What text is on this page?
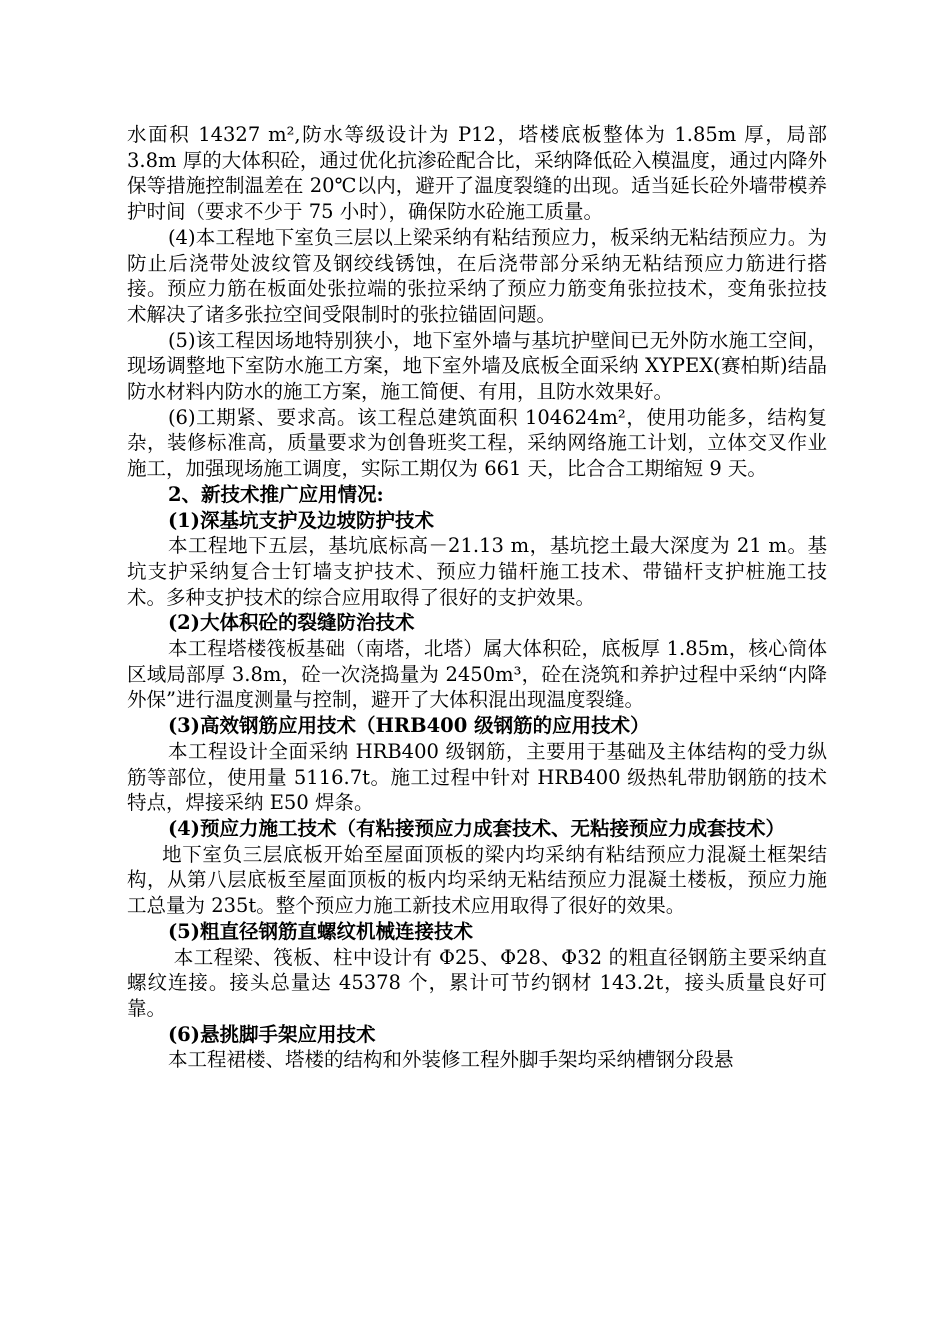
水面积 14327 m²,防水等级设计为 P12，塔楼底板整体为 1.85m 厚，局部 3.8m 厚的大体积砼，通过优化抗渗砼配合比，采纳降低砼入模温度，通过内降外保等措施控制温差在 20℃以内，避开了温度裂缝的出现。适当延长砼外墙带模养护时间（要求不少于 75 小时），确保防水砼施工质量。

(4)本工程地下室负三层以上梁采纳有粘结预应力，板采纳无粘结预应力。为防止后浇带处波纹管及钢绞线锈蚀，在后浇带部分采纳无粘结预应力筋进行搭接。预应力筋在板面处张拉端的张拉采纳了预应力筋变角张拉技术，变角张拉技术解决了诸多张拉空间受限制时的张拉锚固问题。

(5)该工程因场地特别狭小，地下室外墙与基坑护壁间已无外防水施工空间，现场调整地下室防水施工方案，地下室外墙及底板全面采纳 XYPEX(赛柏斯)结晶防水材料内防水的施工方案，施工简便、有用，且防水效果好。

(6)工期紧、要求高。该工程总建筑面积 104624m²，使用功能多，结构复杂，装修标准高，质量要求为创鲁班奖工程，采纳网络施工计划，立体交叉作业施工，加强现场施工调度，实际工期仅为 661 天，比合合工期缩短 9 天。

2、新技术推广应用情况:

(1)深基坑支护及边坡防护技术

本工程地下五层，基坑底标高－21.13 m，基坑挖土最大深度为 21 m。基坑支护采纳复合士钉墙支护技术、预应力锚杆施工技术、带锚杆支护桩施工技术。多种支护技术的综合应用取得了很好的支护效果。

(2)大体积砼的裂缝防治技术

本工程塔楼筏板基础（南塔，北塔）属大体积砼，底板厚 1.85m，核心筒体区域局部厚 3.8m，砼一次浇捣量为 2450m³，砼在浇筑和养护过程中采纳“内降外保”进行温度测量与控制，避开了大体积混出现温度裂缝。

(3)高效钢筋应用技术（HRB400 级钢筋的应用技术）

本工程设计全面采纳 HRB400 级钢筋，主要用于基础及主体结构的受力纵筋等部位，使用量 5116.7t。施工过程中针对 HRB400 级热轧带肋钢筋的技术特点，焊接采纳 E50 焊条。

(4)预应力施工技术（有粘接预应力成套技术、无粘接预应力成套技术）

地下室负三层底板开始至屋面顶板的梁内均采纳有粘结预应力混凝土框架结构，从第八层底板至屋面顶板的板内均采纳无粘结预应力混凝土楼板，预应力施工总量为 235t。整个预应力施工新技术应用取得了很好的效果。

(5)粗直径钢筋直螺纹机械连接技术

本工程梁、筏板、柱中设计有 Φ25、Φ28、Φ32 的粗直径钢筋主要采纳直螺纹连接。接头总量达 45378 个，累计可节约钢材 143.2t，接头质量良好可靠。

(6)悬挑脚手架应用技术

本工程裙楼、塔楼的结构和外装修工程外脚手架均采纳槽钢分段悬
